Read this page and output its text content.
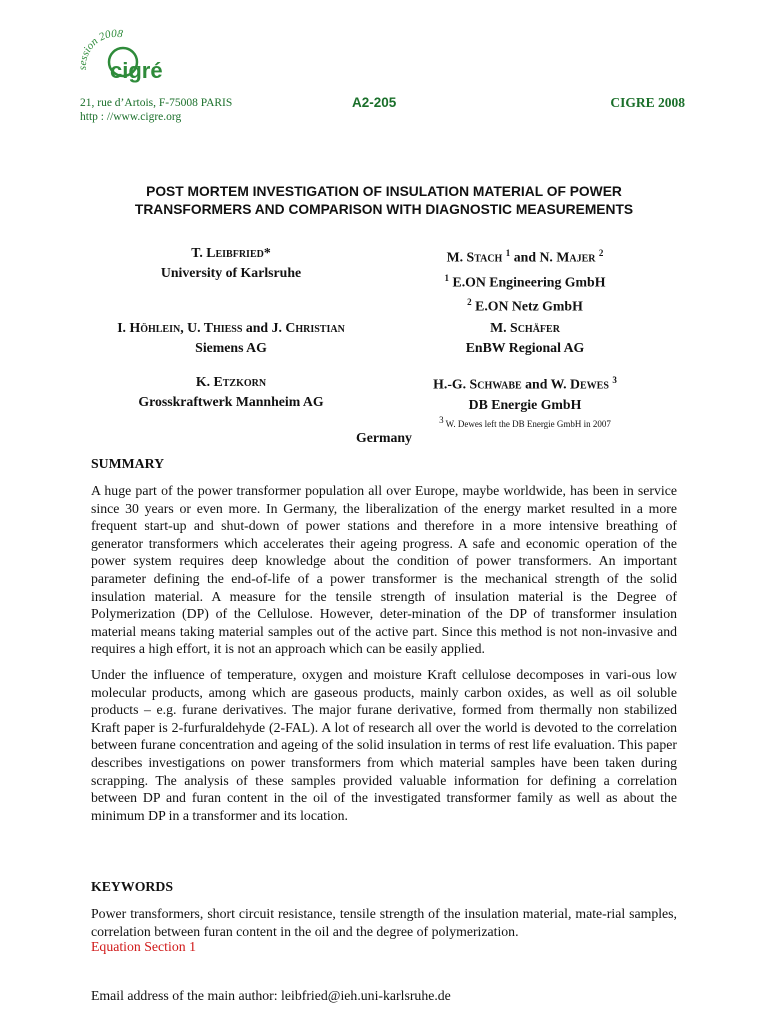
session 2008
cigré
21, rue d’Artois, F-75008 PARIS
http : //www.cigre.org
A2-205	CIGRE 2008
POST MORTEM INVESTIGATION OF INSULATION MATERIAL OF POWER
TRANSFORMERS AND COMPARISON WITH DIAGNOSTIC MEASUREMENTS
T. Leibfried*
University of Karlsruhe
M. Stach $^1$ and N. Majer $^2$
$^1$ E.ON Engineering GmbH
$^2$ E.ON Netz GmbH
I. Höhlein, U. Thieß and J. Christian
Siemens AG
M. Schäfer
EnBW Regional AG
K. Etzkorn
Grosskraftwerk Mannheim AG
H.-G. Schwabe and W. Dewes $^3$
DB Energie GmbH
$^3$ W. Dewes left the DB Energie GmbH in 2007
Germany
SUMMARY

A huge part of the power transformer population all over Europe, maybe worldwide, has been in service since 30 years or even more. In Germany, the liberalization of the energy market resulted in a more frequent start-up and shut-down of power stations and therefore in a more intensive breathing of generator transformers which accelerates their ageing progress. A safe and economic operation of the power system requires deep knowledge about the condition of power transformers. An important parameter defining the end-of-life of a power transformer is the mechanical strength of the solid insulation material. A measure for the tensile strength of insulation material is the Degree of Polymerization (DP) of the Cellulose. However, deter-mination of the DP of transformer insulation material means taking material samples out of the active part. Since this method is not non-invasive and requires a high effort, it is not an approach which can be easily applied.

Under the influence of temperature, oxygen and moisture Kraft cellulose decomposes in vari-ous low molecular products, among which are gaseous products, mainly carbon oxides, as well as oil soluble products – e.g. furane derivatives. The major furane derivative, formed from thermally non stabilized Kraft paper is 2-furfuraldehyde (2-FAL). A lot of research all over the world is devoted to the correlation between furane concentration and ageing of the solid insulation in terms of rest life evaluation. This paper describes investigations on power transformers from which material samples have been taken during scrapping. The analysis of these samples provided valuable information for defining a correlation between DP and furan content in the oil of the investigated transformer family as well as about the minimum DP in a transformer and its location.

KEYWORDS
Power transformers, short circuit resistance, tensile strength of the insulation material, mate-rial samples, correlation between furan content in the oil and the degree of polymerization.
Equation Section 1
Email address of the main author: leibfried@ieh.uni-karlsruhe.de
